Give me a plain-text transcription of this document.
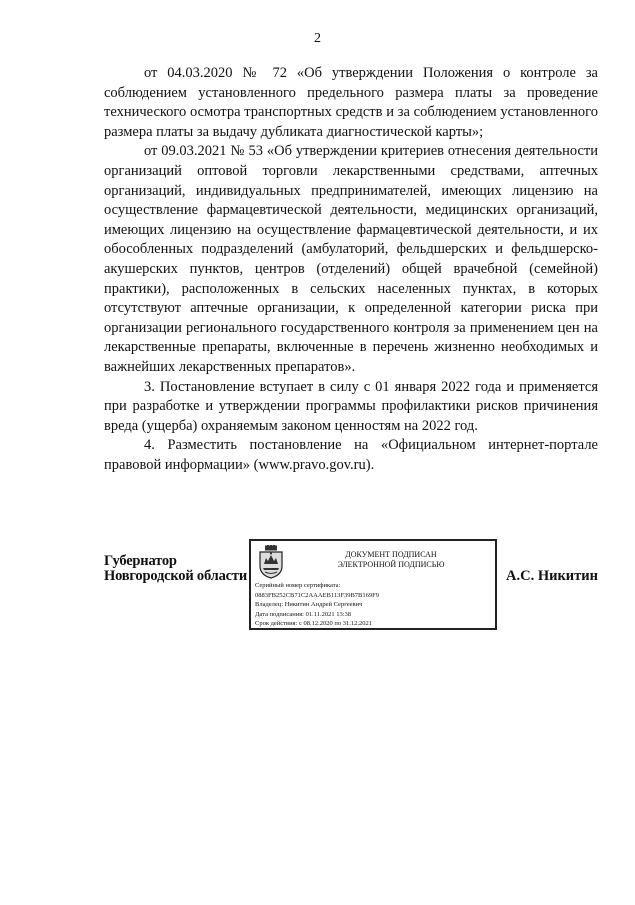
2

от 04.03.2020 № 72 «Об утверждении Положения о контроле за соблюдением установленного предельного размера платы за проведение технического осмотра транспортных средств и за соблюдением установленного размера платы за выдачу дубликата диагностической карты»;

от 09.03.2021 № 53 «Об утверждении критериев отнесения деятельности организаций оптовой торговли лекарственными средствами, аптечных организаций, индивидуальных предпринимателей, имеющих лицензию на осуществление фармацевтической деятельности, медицинских организаций, имеющих лицензию на осуществление фармацевтической деятельности, и их обособленных подразделений (амбулаторий, фельдшерских и фельдшерско-акушерских пунктов, центров (отделений) общей врачебной (семейной) практики), расположенных в сельских населенных пунктах, в которых отсутствуют аптечные организации, к определенной категории риска при организации регионального государственного контроля за применением цен на лекарственные препараты, включенные в перечень жизненно необходимых и важнейших лекарственных препаратов».

3. Постановление вступает в силу с 01 января 2022 года и применяется при разработке и утверждении программы профилактики рисков причинения вреда (ущерба) охраняемым законом ценностям на 2022 год.

4. Разместить постановление на «Официальном интернет-портале правовой информации» (www.pravo.gov.ru).

Губернатор
Новгородской области
ДОКУМЕНТ ПОДПИСАН
ЭЛЕКТРОННОЙ ПОДПИСЬЮ
Серийный номер сертификата:
0883FB252CB71C2AAAEB113F39B7B169F9
Владелец: Никитин Андрей Сергеевич
Дата подписания: 01.11.2021 13:38
Срок действия: с 08.12.2020 по 31.12.2021
А.С. Никитин
